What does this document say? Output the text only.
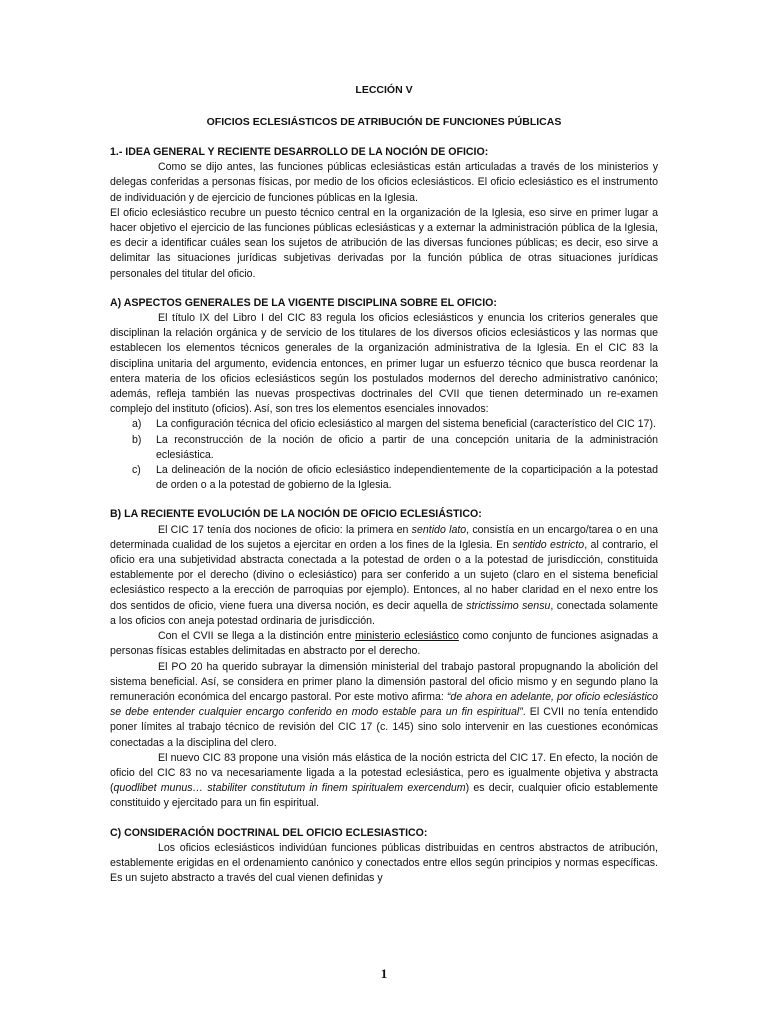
LECCIÓN V
OFICIOS ECLESIÁSTICOS DE ATRIBUCIÓN DE FUNCIONES PÚBLICAS

1.- IDEA GENERAL Y RECIENTE DESARROLLO DE LA NOCIÓN DE OFICIO:

Como se dijo antes, las funciones públicas eclesiásticas están articuladas a través de los ministerios y delegas conferidas a personas físicas, por medio de los oficios eclesiásticos. El oficio eclesiástico es el instrumento de individuación y de ejercicio de funciones públicas en la Iglesia.

El oficio eclesiástico recubre un puesto técnico central en la organización de la Iglesia, eso sirve en primer lugar a hacer objetivo el ejercicio de las funciones públicas eclesiásticas y a externar la administración pública de la Iglesia, es decir a identificar cuáles sean los sujetos de atribución de las diversas funciones públicas; es decir, eso sirve a delimitar las situaciones jurídicas subjetivas derivadas por la función pública de otras situaciones jurídicas personales del titular del oficio.

A) ASPECTOS GENERALES DE LA VIGENTE DISCIPLINA SOBRE EL OFICIO:

El título IX del Libro I del CIC 83 regula los oficios eclesiásticos y enuncia los criterios generales que disciplinan la relación orgánica y de servicio de los titulares de los diversos oficios eclesiásticos y las normas que establecen los elementos técnicos generales de la organización administrativa de la Iglesia. En el CIC 83 la disciplina unitaria del argumento, evidencia entonces, en primer lugar un esfuerzo técnico que busca reordenar la entera materia de los oficios eclesiásticos según los postulados modernos del derecho administrativo canónico; además, refleja también las nuevas prospectivas doctrinales del CVII que tienen determinado un re-examen complejo del instituto (oficios). Así, son tres los elementos esenciales innovados:

a) La configuración técnica del oficio eclesiástico al margen del sistema beneficial (característico del CIC 17).
b) La reconstrucción de la noción de oficio a partir de una concepción unitaria de la administración eclesiástica.
c) La delineación de la noción de oficio eclesiástico independientemente de la coparticipación a la potestad de orden o a la potestad de gobierno de la Iglesia.

B) LA RECIENTE EVOLUCIÓN DE LA NOCIÓN DE OFICIO ECLESIÁSTICO:

El CIC 17 tenía dos nociones de oficio: la primera en sentido lato, consistía en un encargo/tarea o en una determinada cualidad de los sujetos a ejercitar en orden a los fines de la Iglesia. En sentido estricto, al contrario, el oficio era una subjetividad abstracta conectada a la potestad de orden o a la potestad de jurisdicción, constituida establemente por el derecho (divino o eclesiástico) para ser conferido a un sujeto (claro en el sistema beneficial eclesiástico respecto a la erección de parroquias por ejemplo). Entonces, al no haber claridad en el nexo entre los dos sentidos de oficio, viene fuera una diversa noción, es decir aquella de strictissimo sensu, conectada solamente a los oficios con aneja potestad ordinaria de jurisdicción.

Con el CVII se llega a la distinción entre ministerio eclesiástico como conjunto de funciones asignadas a personas físicas estables delimitadas en abstracto por el derecho.

El PO 20 ha querido subrayar la dimensión ministerial del trabajo pastoral propugnando la abolición del sistema beneficial. Así, se considera en primer plano la dimensión pastoral del oficio mismo y en segundo plano la remuneración económica del encargo pastoral. Por este motivo afirma: “de ahora en adelante, por oficio eclesiástico se debe entender cualquier encargo conferido en modo estable para un fin espiritual”. El CVII no tenía entendido poner límites al trabajo técnico de revisión del CIC 17 (c. 145) sino solo intervenir en las cuestiones económicas conectadas a la disciplina del clero.

El nuevo CIC 83 propone una visión más elástica de la noción estricta del CIC 17. En efecto, la noción de oficio del CIC 83 no va necesariamente ligada a la potestad eclesiástica, pero es igualmente objetiva y abstracta (quodlibet munus… stabiliter constitutum in finem spiritualem exercendum) es decir, cualquier oficio establemente constituido y ejercitado para un fin espiritual.

C) CONSIDERACIÓN DOCTRINAL DEL OFICIO ECLESIASTICO:

Los oficios eclesiásticos individúan funciones públicas distribuidas en centros abstractos de atribución, establemente erigidas en el ordenamiento canónico y conectados entre ellos según principios y normas específicas. Es un sujeto abstracto a través del cual vienen definidas y

1
